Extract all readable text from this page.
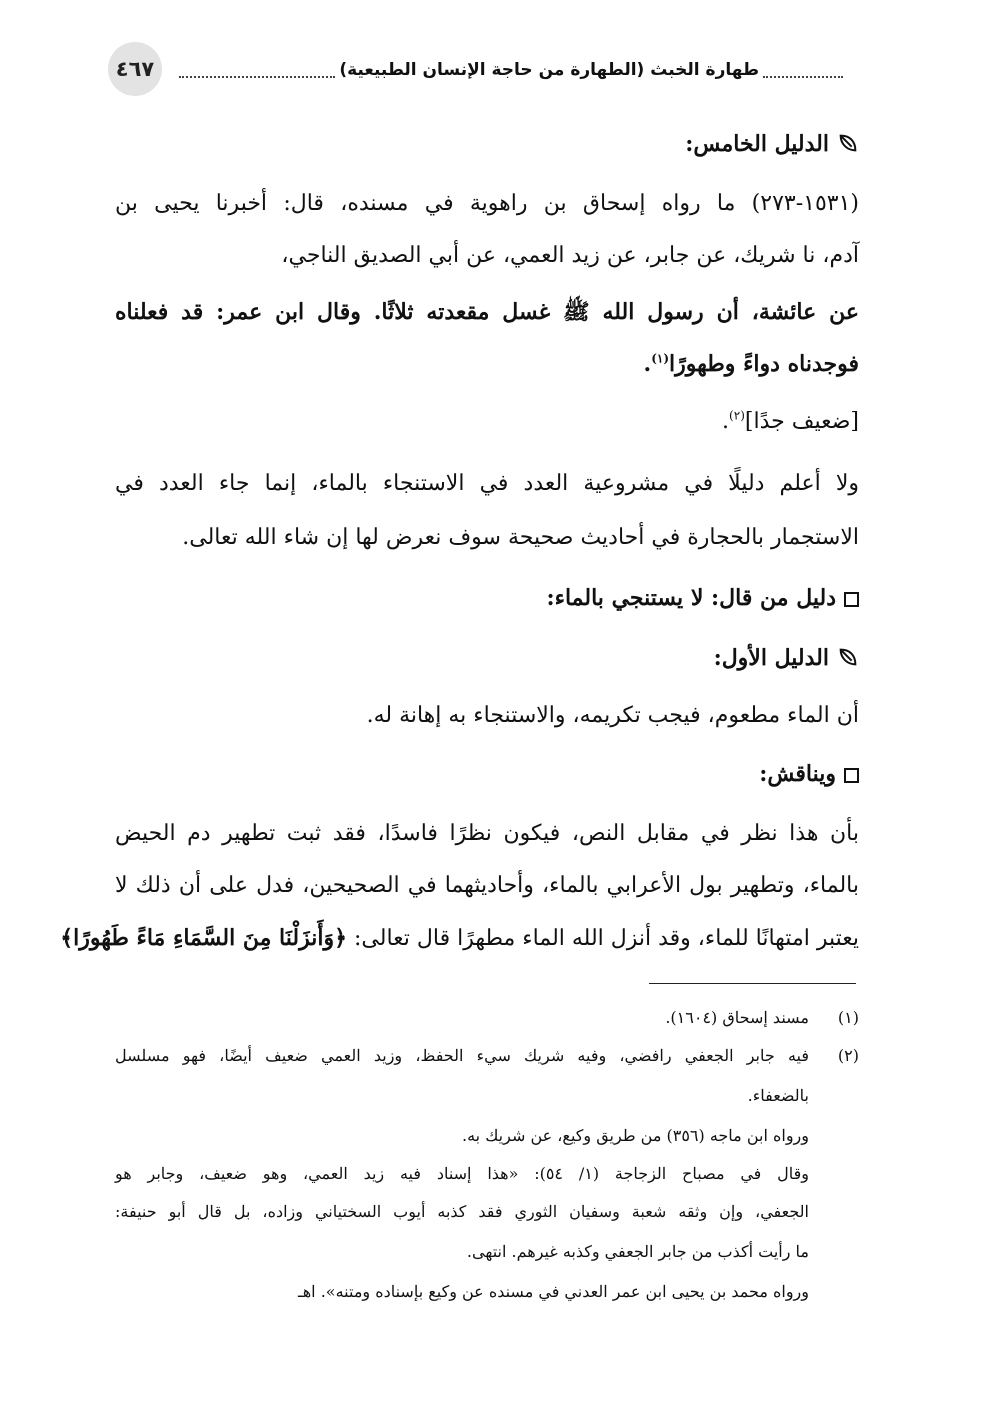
٤٦٧	طهارة الخبث (الطهارة من حاجة الإنسان الطبيعية)
الدليل الخامس:
(١٥٣١-٢٧٣) ما رواه إسحاق بن راهوية في مسنده، قال: أخبرنا يحيى بن
آدم، نا شريك، عن جابر، عن زيد العمي، عن أبي الصديق الناجي،
عن عائشة، أن رسول الله ﷺ غسل مقعدته ثلاثًا. وقال ابن عمر: قد فعلناه
فوجدناه دواءً وطهورًا$^{(١)}$.
[ضعيف جدًا]$^{(٢)}$.
ولا أعلم دليلًا في مشروعية العدد في الاستنجاء بالماء، إنما جاء العدد في
الاستجمار بالحجارة في أحاديث صحيحة سوف نعرض لها إن شاء الله تعالى.
دليل من قال: لا يستنجي بالماء:
الدليل الأول:
أن الماء مطعوم، فيجب تكريمه، والاستنجاء به إهانة له.
ويناقش:
بأن هذا نظر في مقابل النص، فيكون نظرًا فاسدًا، فقد ثبت تطهير دم الحيض
بالماء، وتطهير بول الأعرابي بالماء، وأحاديثهما في الصحيحين، فدل على أن ذلك لا
يعتبر امتهانًا للماء، وقد أنزل الله الماء مطهرًا قال تعالى: ﴿وَأَنزَلْنَا مِنَ السَّمَاءِ مَاءً طَهُورًا﴾
(١)
مسند إسحاق (١٦٠٤).
(٢)
فيه جابر الجعفي رافضي، وفيه شريك سيء الحفظ، وزيد العمي ضعيف أيضًا، فهو مسلسل
بالضعفاء.
ورواه ابن ماجه (٣٥٦) من طريق وكيع، عن شريك به.
وقال في مصباح الزجاجة (١/ ٥٤): «هذا إسناد فيه زيد العمي، وهو ضعيف، وجابر هو
الجعفي، وإن وثقه شعبة وسفيان الثوري فقد كذبه أيوب السختياني وزاده، بل قال أبو حنيفة:
ما رأيت أكذب من جابر الجعفي وكذبه غيرهم. انتهى.
ورواه محمد بن يحيى ابن عمر العدني في مسنده عن وكيع بإسناده ومتنه». اهـ
